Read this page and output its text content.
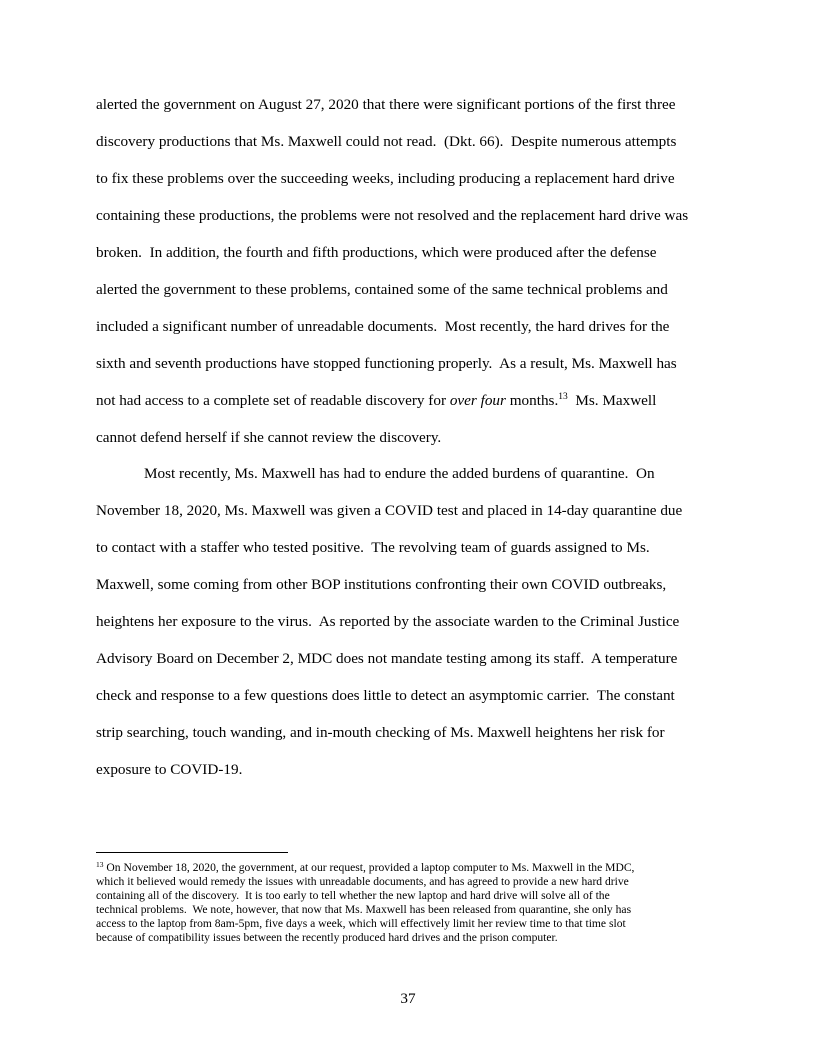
alerted the government on August 27, 2020 that there were significant portions of the first three
discovery productions that Ms. Maxwell could not read.  (Dkt. 66).  Despite numerous attempts
to fix these problems over the succeeding weeks, including producing a replacement hard drive
containing these productions, the problems were not resolved and the replacement hard drive was
broken.  In addition, the fourth and fifth productions, which were produced after the defense
alerted the government to these problems, contained some of the same technical problems and
included a significant number of unreadable documents.  Most recently, the hard drives for the
sixth and seventh productions have stopped functioning properly.  As a result, Ms. Maxwell has
not had access to a complete set of readable discovery for over four months.$^{13}$  Ms. Maxwell
cannot defend herself if she cannot review the discovery.
Most recently, Ms. Maxwell has had to endure the added burdens of quarantine.  On
November 18, 2020, Ms. Maxwell was given a COVID test and placed in 14-day quarantine due
to contact with a staffer who tested positive.  The revolving team of guards assigned to Ms.
Maxwell, some coming from other BOP institutions confronting their own COVID outbreaks,
heightens her exposure to the virus.  As reported by the associate warden to the Criminal Justice
Advisory Board on December 2, MDC does not mandate testing among its staff.  A temperature
check and response to a few questions does little to detect an asymptomic carrier.  The constant
strip searching, touch wanding, and in-mouth checking of Ms. Maxwell heightens her risk for
exposure to COVID-19.
$^{13}$ On November 18, 2020, the government, at our request, provided a laptop computer to Ms. Maxwell in the MDC,
which it believed would remedy the issues with unreadable documents, and has agreed to provide a new hard drive
containing all of the discovery.  It is too early to tell whether the new laptop and hard drive will solve all of the
technical problems.  We note, however, that now that Ms. Maxwell has been released from quarantine, she only has
access to the laptop from 8am-5pm, five days a week, which will effectively limit her review time to that time slot
because of compatibility issues between the recently produced hard drives and the prison computer.
37
